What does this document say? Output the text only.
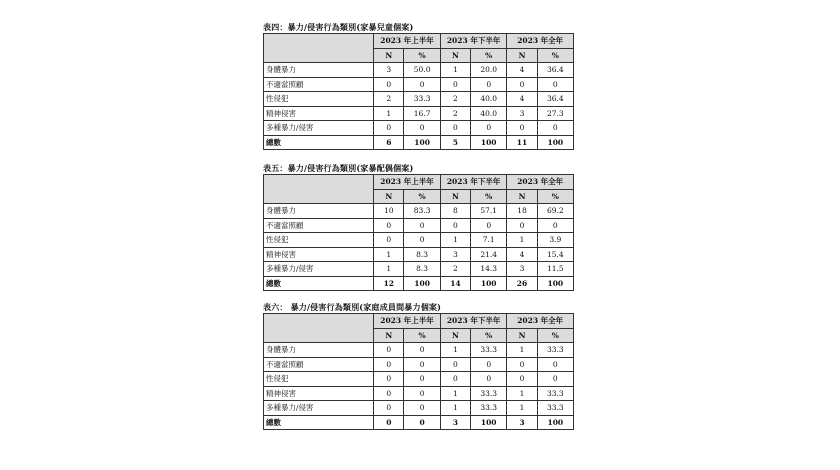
表四：暴力/侵害行為類別(家暴兒童個案)
	2023 年上半年		2023 年下半年		2023 年全年	
	N	%	N	%	N	%
身體暴力	3	50.0	1	20.0	4	36.4
不適當照顧	0	0	0	0	0	0
性侵犯	2	33.3	2	40.0	4	36.4
精神侵害	1	16.7	2	40.0	3	27.3
多種暴力/侵害	0	0	0	0	0	0
總數	6	100	5	100	11	100
表五：暴力/侵害行為類別(家暴配偶個案)
	2023 年上半年		2023 年下半年		2023 年全年	
	N	%	N	%	N	%
身體暴力	10	83.3	8	57.1	18	69.2
不適當照顧	0	0	0	0	0	0
性侵犯	0	0	1	7.1	1	3.9
精神侵害	1	8.3	3	21.4	4	15.4
多種暴力/侵害	1	8.3	2	14.3	3	11.5
總數	12	100	14	100	26	100
表六： 暴力/侵害行為類別(家庭成員間暴力個案)
	2023 年上半年		2023 年下半年		2023 年全年	
	N	%	N	%	N	%
身體暴力	0	0	1	33.3	1	33.3
不適當照顧	0	0	0	0	0	0
性侵犯	0	0	0	0	0	0
精神侵害	0	0	1	33.3	1	33.3
多種暴力/侵害	0	0	1	33.3	1	33.3
總數	0	0	3	100	3	100
